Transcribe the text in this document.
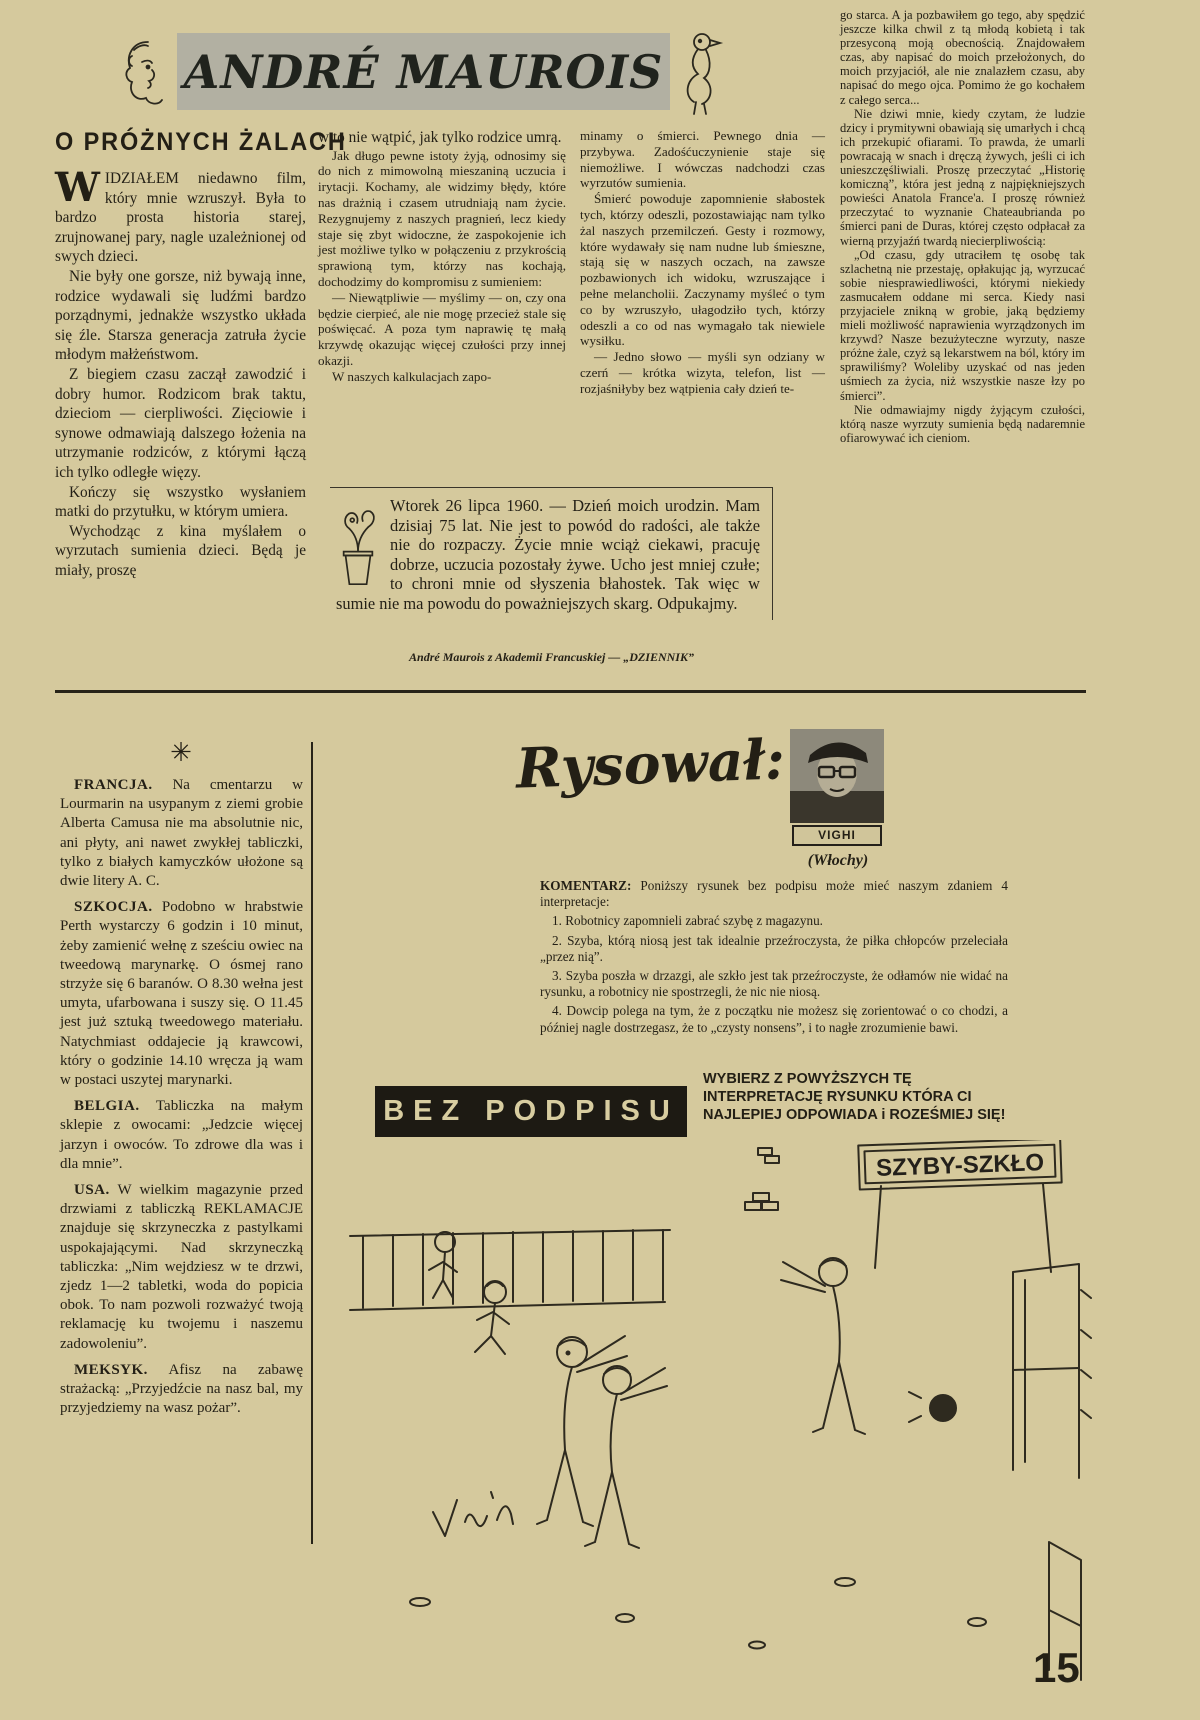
ANDRÉ MAUROIS
O PRÓŻNYCH ŻALACH

WIDZIAŁEM niedawno film, który mnie wzruszył. Była to bardzo prosta historia starej, zrujnowanej pary, nagle uzależnionej od swych dzieci.

Nie były one gorsze, niż bywają inne, rodzice wydawali się ludźmi bardzo porządnymi, jednakże wszystko układa się źle. Starsza generacja zatruła życie młodym małżeństwom.

Z biegiem czasu zaczął zawodzić i dobry humor. Rodzicom brak taktu, dzieciom — cierpliwości. Zięciowie i synowe odmawiają dalszego łożenia na utrzymanie rodziców, z którymi łączą ich tylko odległe więzy.

Kończy się wszystko wysłaniem matki do przytułku, w którym umiera.

Wychodząc z kina myślałem o wyrzutach sumienia dzieci. Będą je miały, proszę

w to nie wątpić, jak tylko rodzice umrą.

Jak długo pewne istoty żyją, odnosimy się do nich z mimowolną mieszaniną uczucia i irytacji. Kochamy, ale widzimy błędy, które nas drażnią i czasem utrudniają nam życie. Rezygnujemy z naszych pragnień, lecz kiedy staje się zbyt widoczne, że zaspokojenie ich jest możliwe tylko w połączeniu z przykrością sprawioną tym, którzy nas kochają, dochodzimy do kompromisu z sumieniem:

— Niewątpliwie — myślimy — on, czy ona będzie cierpieć, ale nie mogę przecież stale się poświęcać. A poza tym naprawię tę małą krzywdę okazując więcej czułości przy innej okazji.

W naszych kalkulacjach zapo-

minamy o śmierci. Pewnego dnia — przybywa. Zadośćuczynienie staje się niemożliwe. I wówczas nadchodzi czas wyrzutów sumienia.

Śmierć powoduje zapomnienie słabostek tych, którzy odeszli, pozostawiając nam tylko żal naszych przemilczeń. Gesty i rozmowy, które wydawały się nam nudne lub śmieszne, stają się w naszych oczach, na zawsze pozbawionych ich widoku, wzruszające i pełne melancholii. Zaczynamy myśleć o tym co by wzruszyło, ułagodziło tych, którzy odeszli a co od nas wymagało tak niewiele wysiłku.

— Jedno słowo — myśli syn odziany w czerń — krótka wizyta, telefon, list — rozjaśniłyby bez wątpienia cały dzień te-

go starca. A ja pozbawiłem go tego, aby spędzić jeszcze kilka chwil z tą młodą kobietą i tak przesyconą moją obecnością. Znajdowałem czas, aby napisać do moich przełożonych, do moich przyjaciół, ale nie znalazłem czasu, aby napisać do mego ojca. Pomimo że go kochałem z całego serca...

Nie dziwi mnie, kiedy czytam, że ludzie dzicy i prymitywni obawiają się umarłych i chcą ich przekupić ofiarami. To prawda, że umarli powracają w snach i dręczą żywych, jeśli ci ich unieszczęśliwiali. Proszę przeczytać „Historię komiczną”, która jest jedną z najpiękniejszych powieści Anatola France'a. I proszę również przeczytać to wyznanie Chateaubrianda po śmierci pani de Duras, której często odpłacał za wierną przyjaźń twardą niecierpliwością:

„Od czasu, gdy utraciłem tę osobę tak szlachetną nie przestaję, opłakując ją, wyrzucać sobie niesprawiedliwości, którymi niekiedy zasmucałem oddane mi serca. Kiedy nasi przyjaciele znikną w grobie, jaką będziemy mieli możliwość naprawienia wyrządzonych im krzywd? Nasze bezużyteczne wyrzuty, nasze próżne żale, czyż są lekarstwem na ból, który im sprawiliśmy? Woleliby uzyskać od nas jeden uśmiech za życia, niż wszystkie nasze łzy po śmierci”.

Nie odmawiajmy nigdy żyjącym czułości, którą nasze wyrzuty sumienia będą nadaremnie ofiarowywać ich cieniom.

Wtorek 26 lipca 1960. — Dzień moich urodzin. Mam dzisiaj 75 lat. Nie jest to powód do radości, ale także nie do rozpaczy. Życie mnie wciąż ciekawi, pracuję dobrze, uczucia pozostały żywe. Ucho jest mniej czułe; to chroni mnie od słyszenia błahostek. Tak więc w sumie nie ma powodu do poważniejszych skarg. Odpukajmy.
André Maurois z Akademii Francuskiej — „DZIENNIK”
✳

FRANCJA. Na cmentarzu w Lourmarin na usypanym z ziemi grobie Alberta Camusa nie ma absolutnie nic, ani płyty, ani nawet zwykłej tabliczki, tylko z białych kamyczków ułożone są dwie litery A. C.

SZKOCJA. Podobno w hrabstwie Perth wystarczy 6 godzin i 10 minut, żeby zamienić wełnę z sześciu owiec na tweedową marynarkę. O ósmej rano strzyże się 6 baranów. O 8.30 wełna jest umyta, ufarbowana i suszy się. O 11.45 jest już sztuką tweedowego materiału. Natychmiast oddajecie ją krawcowi, który o godzinie 14.10 wręcza ją wam w postaci uszytej marynarki.

BELGIA. Tabliczka na małym sklepie z owocami: „Jedzcie więcej jarzyn i owoców. To zdrowe dla was i dla mnie”.

USA. W wielkim magazynie przed drzwiami z tabliczką REKLAMACJE znajduje się skrzyneczka z pastylkami uspokajającymi. Nad skrzyneczką tabliczka: „Nim wejdziesz w te drzwi, zjedz 1—2 tabletki, woda do popicia obok. To nam pozwoli rozważyć twoją reklamację ku twojemu i naszemu zadowoleniu”.

MEKSYK. Afisz na zabawę strażacką: „Przyjedźcie na nasz bal, my przyjedziemy na wasz pożar”.

Rysował:
VIGHI
(Włochy)

KOMENTARZ: Poniższy rysunek bez podpisu może mieć naszym zdaniem 4 interpretacje:

1. Robotnicy zapomnieli zabrać szybę z magazynu.

2. Szyba, którą niosą jest tak idealnie przeźroczysta, że piłka chłopców przeleciała „przez nią”.

3. Szyba poszła w drzazgi, ale szkło jest tak przeźroczyste, że odłamów nie widać na rysunku, a robotnicy nie spostrzegli, że nic nie niosą.

4. Dowcip polega na tym, że z początku nie możesz się zorientować o co chodzi, a później nagle dostrzegasz, że to „czysty nonsens”, i to nagłe zrozumienie bawi.

BEZ PODPISU
WYBIERZ Z POWYŻSZYCH TĘ INTERPRETACJĘ RYSUNKU KTÓRA CI NAJLEPIEJ ODPOWIADA i ROZEŚMIEJ SIĘ!
SZYBY-SZKŁO
15
